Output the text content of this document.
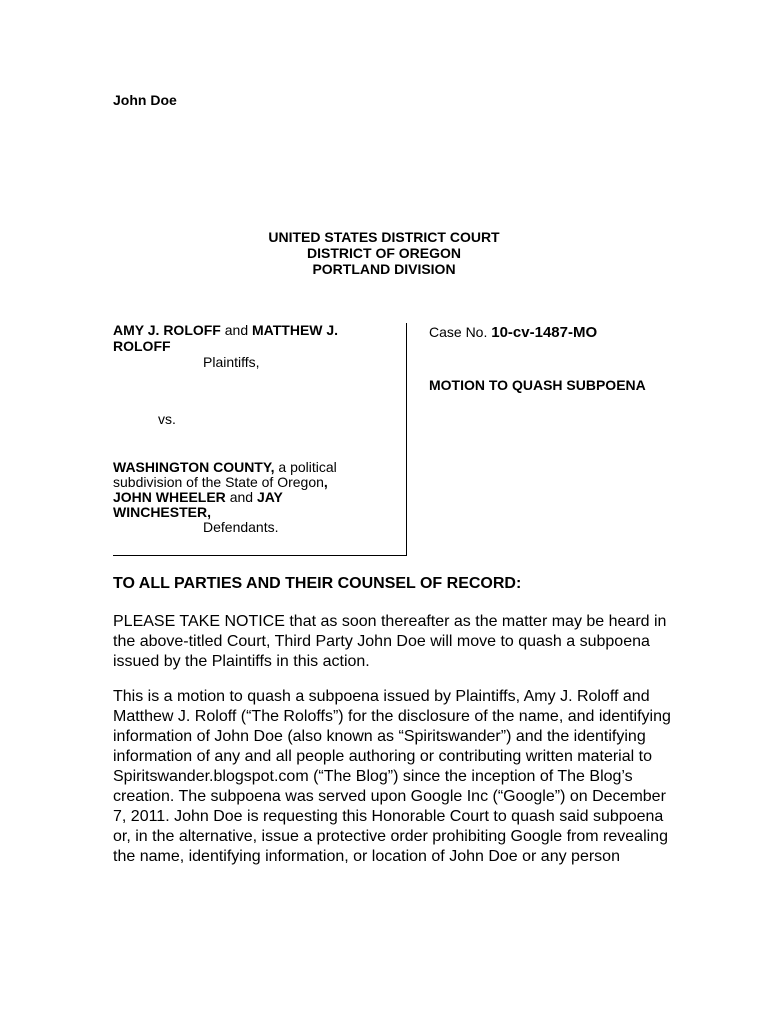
John Doe
UNITED STATES DISTRICT COURT
DISTRICT OF OREGON
PORTLAND DIVISION
AMY J. ROLOFF and MATTHEW J.
ROLOFF
Plaintiffs,
vs.
WASHINGTON COUNTY, a political
subdivision of the State of Oregon,
JOHN WHEELER and JAY
WINCHESTER,
Defendants.
Case No. 10-cv-1487-MO
MOTION TO QUASH SUBPOENA
TO ALL PARTIES AND THEIR COUNSEL OF RECORD:
PLEASE TAKE NOTICE that as soon thereafter as the matter may be heard in the above-titled Court, Third Party John Doe will move to quash a subpoena issued by the Plaintiffs in this action.
This is a motion to quash a subpoena issued by Plaintiffs, Amy J. Roloff and Matthew J. Roloff (“The Roloffs”) for the disclosure of the name, and identifying information of John Doe (also known as “Spiritswander”) and the identifying information of any and all people authoring or contributing written material to Spiritswander.blogspot.com (“The Blog”) since the inception of The Blog’s creation. The subpoena was served upon Google Inc (“Google”) on December 7, 2011. John Doe is requesting this Honorable Court to quash said subpoena or, in the alternative, issue a protective order prohibiting Google from revealing the name, identifying information, or location of John Doe or any person
